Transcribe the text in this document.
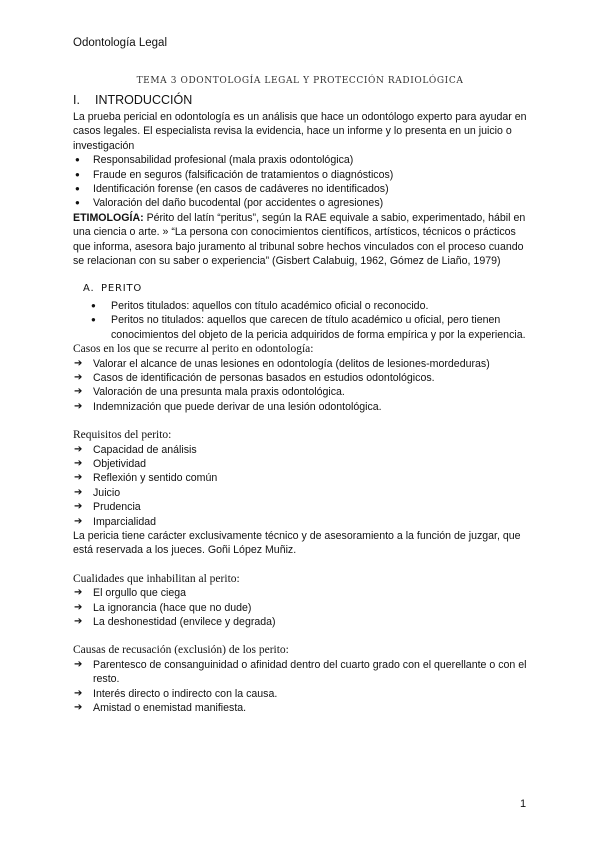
Odontología Legal
TEMA 3 ODONTOLOGÍA LEGAL Y PROTECCIÓN RADIOLÓGICA
I. INTRODUCCIÓN

La prueba pericial en odontología es un análisis que hace un odontólogo experto para ayudar en casos legales. El especialista revisa la evidencia, hace un informe y lo presenta en un juicio o investigación

● Responsabilidad profesional (mala praxis odontológica)
● Fraude en seguros (falsificación de tratamientos o diagnósticos)
● Identificación forense (en casos de cadáveres no identificados)
● Valoración del daño bucodental (por accidentes o agresiones)

ETIMOLOGÍA: Périto del latín “peritus”, según la RAE equivale a sabio, experimentado, hábil en una ciencia o arte. » “La persona con conocimientos científicos, artísticos, técnicos o prácticos que informa, asesora bajo juramento al tribunal sobre hechos vinculados con el proceso cuando se relacionan con su saber o experiencia” (Gisbert Calabuig, 1962, Gómez de Liaño, 1979)

A. PERITO
● Peritos titulados: aquellos con título académico oficial o reconocido.
● Peritos no titulados: aquellos que carecen de título académico u oficial, pero tienen conocimientos del objeto de la pericia adquiridos de forma empírica y por la experiencia.
Casos en los que se recurre al perito en odontología:
➔ Valorar el alcance de unas lesiones en odontología (delitos de lesiones-mordeduras)
➔ Casos de identificación de personas basados en estudios odontológicos.
➔ Valoración de una presunta mala praxis odontológica.
➔ Indemnización que puede derivar de una lesión odontológica.
Requisitos del perito:
➔ Capacidad de análisis
➔ Objetividad
➔ Reflexión y sentido común
➔ Juicio
➔ Prudencia
➔ Imparcialidad

La pericia tiene carácter exclusivamente técnico y de asesoramiento a la función de juzgar, que está reservada a los jueces. Goñi López Muñiz.

Cualidades que inhabilitan al perito:
➔ El orgullo que ciega
➔ La ignorancia (hace que no dude)
➔ La deshonestidad (envilece y degrada)
Causas de recusación (exclusión) de los perito:
➔ Parentesco de consanguinidad o afinidad dentro del cuarto grado con el querellante o con el resto.
➔ Interés directo o indirecto con la causa.
➔ Amistad o enemistad manifiesta.
1
